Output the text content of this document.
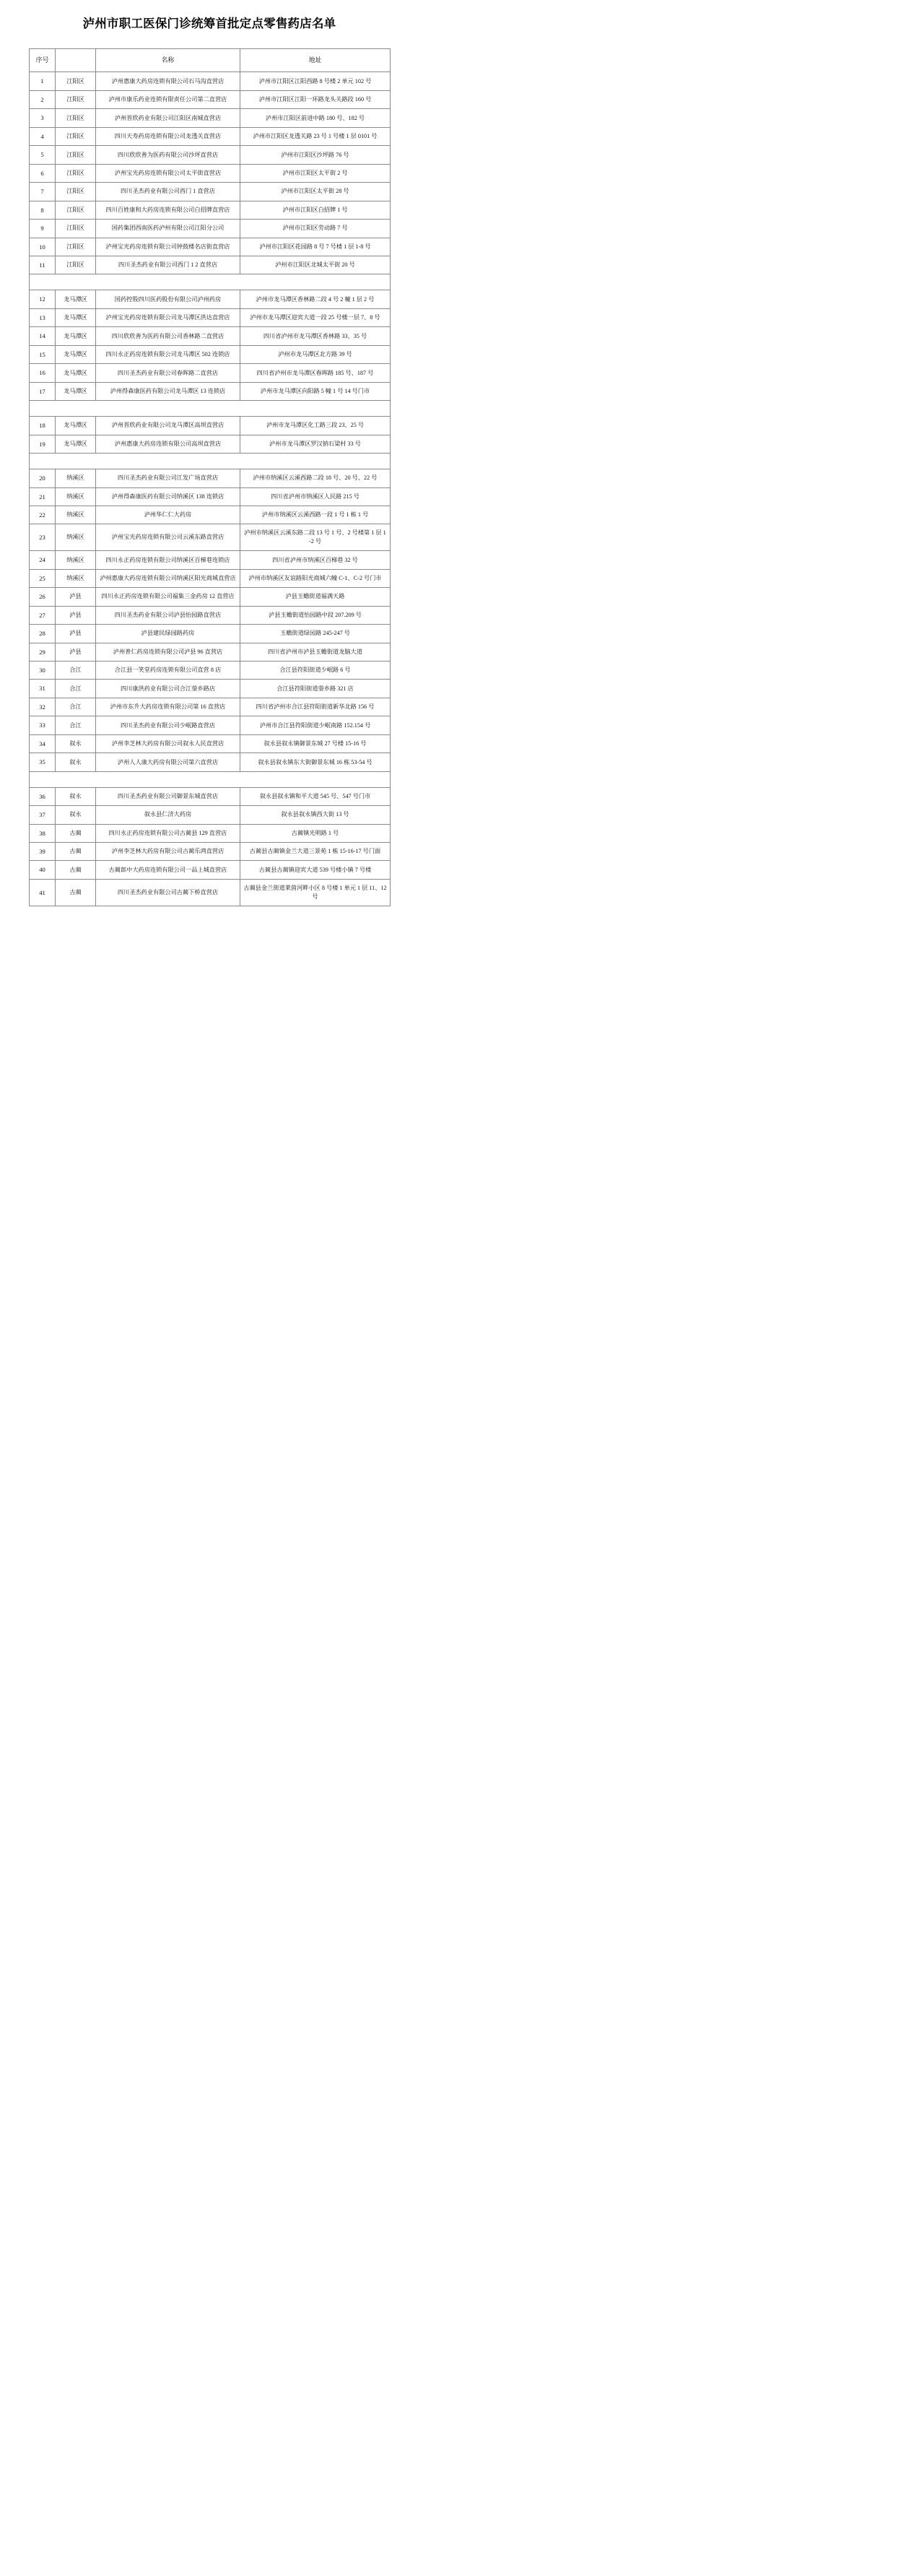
泸州市职工医保门诊统筹首批定点零售药店名单
序号		名称	地址
1	江阳区	泸州惠康大药房连锁有限公司石马沟直营店	泸州市江阳区江阳西路 8 号楼 2 单元 102 号
2	江阳区	泸州市康乐药业连锁有限责任公司第二直营店	泸州市江阳区江阳一环路龙头关路段 160 号
3	江阳区	泸州晋欣药业有限公司江阳区南城直营店	泸州市江阳区前进中路 180 号、182 号
4	江阳区	四川天寿药房连锁有限公司龙透关直营店	泸州市江阳区龙透关路 23 号 1 号楼 1 层 0101 号
5	江阳区	四川欣欣善为医药有限公司沙坪直营店	泸州市江阳区沙坪路 76 号
6	江阳区	泸州宝光药房连锁有限公司太平街直营店	泸州市江阳区太平街 2 号
7	江阳区	四川圣杰药业有限公司西门 1 直营店	泸州市江阳区太平街 28 号
8	江阳区	四川百姓康和大药房连锁有限公司白招牌直营店	泸州市江阳区白招牌 1 号
9	江阳区	国药集团西南医药泸州有限公司江阳分公司	泸州市江阳区劳动路 7 号
10	江阳区	泸州宝光药房连锁有限公司钟鼓楼名店街直营店	泸州市江阳区花园路 8 号 7 号楼 1 层 1-8 号
11	江阳区	四川圣杰药业有限公司西门 1 2 直营店	泸州市江阳区北城太平街 20 号

12	龙马潭区	国药控股四川医药股份有限公司泸州药房	泸州市龙马潭区香林路二段 4 号 2 幢 1 层 2 号
13	龙马潭区	泸州宝光药房连锁有限公司龙马潭区洪达直营店	泸州市龙马潭区迎宾大道一段 25 号楼一层 7、8 号
14	龙马潭区	四川欣欣善为医药有限公司香林路二直营店	四川省泸州市龙马潭区香林路 33、35 号
15	龙马潭区	四川永正药房连锁有限公司龙马潭区 502 连锁店	泸州市龙马潭区北方路 39 号
16	龙马潭区	四川圣杰药业有限公司春晖路二直营店	四川省泸州市龙马潭区春晖路 185 号、187 号
17	龙马潭区	泸州得森康医药有限公司龙马潭区 13 连锁店	泸州市龙马潭区向阳路 5 幢 1 号 14 号门市

18	龙马潭区	泸州晋欣药业有限公司龙马潭区高坝直营店	泸州市龙马潭区化工路三段 23、25 号
19	龙马潭区	泸州惠康大药房连锁有限公司高坝直营店	泸州市龙马潭区罗汉钠石梁村 33 号

20	纳溪区	四川圣杰药业有限公司江发广场直营店	泸州市纳溪区云溪西路二段 18 号、20 号、22 号
21	纳溪区	泸州得森康医药有限公司纳溪区 138 连锁店	四川省泸州市纳溪区人民路 215 号
22	纳溪区	泸州华仁仁大药房	泸州市纳溪区云溪西路一段 1 号 1 栋 1 号
23	纳溪区	泸州宝光药房连锁有限公司云溪东路直营店	泸州市纳溪区云溪东路二段 13 号 1 号、2 号楼第 1 层 1-2 号
24	纳溪区	四川永正药房连锁有限公司纳溪区百梯巷连锁店	四川省泸州市纳溪区百梯巷 32 号
25	纳溪区	泸州惠康大药房连锁有限公司纳溪区阳光商城直营店	泸州市纳溪区友谊路阳光商城六幢 C-1、C-2 号门市
26	泸县	四川永正药房连锁有限公司福集三金药房 12 直营店	泸县玉蟾街道福满天路
27	泸县	四川圣杰药业有限公司泸县怡园路直营店	泸县玉蟾街道怡园路中段 207.209 号
28	泸县	泸县建民绿园路药房	玉蟾街道绿园路 245-247 号
29	泸县	泸州普仁药房连锁有限公司泸县 96 直营店	四川省泸州市泸县玉蟾街道龙脑大道
30	合江	合江县一笑堂药房连锁有限公司直营 8 店	合江县符阳街道少岷路 6 号
31	合江	四川康洪药业有限公司合江蓥乡路店	合江县符阳街道蓥乡路 321 店
32	合江	泸州市东升大药房连锁有限公司第 16 直营店	四川省泸州市合江县符阳街道新华北路 156 号
33	合江	四川圣杰药业有限公司少岷路直营店	泸州市合江县符阳街道少岷南路 152.154 号
34	叙永	泸州李芝林大药房有限公司叙永人民直营店	叙永县叙永镇御景东城 27 号楼 15-16 号
35	叙永	泸州人人康大药房有限公司第六直营店	叙永县叙永镇东大街御景东城 16 栋 53-54 号

36	叙永	四川圣杰药业有限公司御景东城直营店	叙永县叙永镇和平大道 545 号、547 号门市
37	叙永	叙永县仁济大药房	叙永县叙永镇西大街 13 号
38	古蔺	四川永正药房连锁有限公司古蔺县 129 直营店	古蔺镇光明路 1 号
39	古蔺	泸州李芝林大药房有限公司古蔺乐鸿直营店	古蔺县古蔺镇金兰大道三景苑 1 栋 15-16-17 号门面
40	古蔺	古蔺郎中大药房连锁有限公司一品上城直营店	古蔺县古蔺镇迎宾大道 539 号楼小镇 7 号楼
41	古蔺	四川圣杰药业有限公司古蔺下桥直营店	古蔺县金兰街道莱茵河畔小区 8 号楼 1 单元 1 层 11、12 号
